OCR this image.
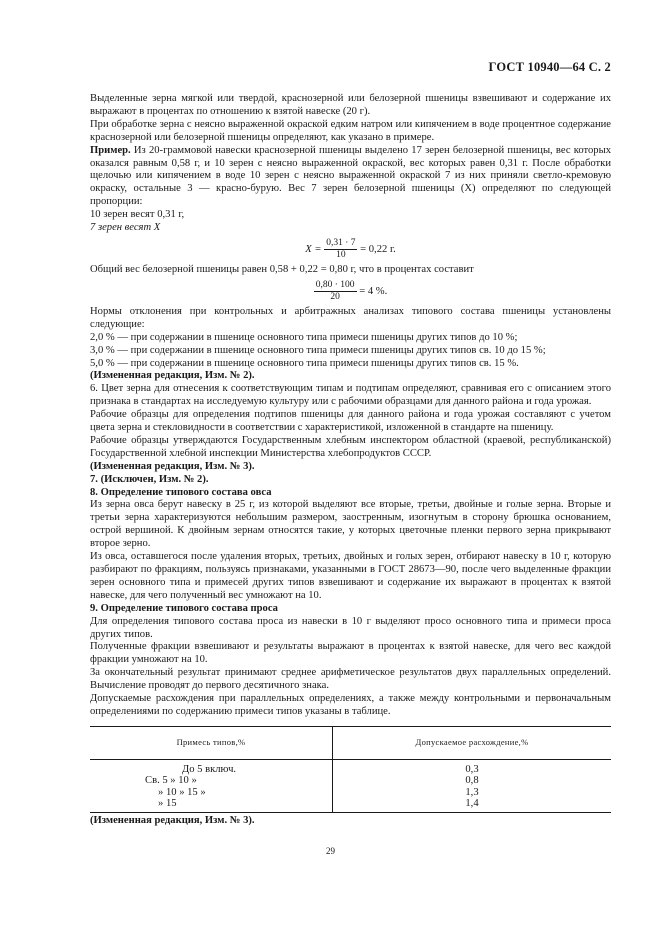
ГОСТ 10940—64 С. 2

Выделенные зерна мягкой или твердой, краснозерной или белозерной пшеницы взвешивают и содержание их выражают в процентах по отношению к взятой навеске (20 г).

При обработке зерна с неясно выраженной окраской едким натром или кипячением в воде процентное содержание краснозерной или белозерной пшеницы определяют, как указано в примере.

Пример. Из 20-граммовой навески краснозерной пшеницы выделено 17 зерен белозерной пшеницы, вес которых оказался равным 0,58 г, и 10 зерен с неясно выраженной окраской, вес которых равен 0,31 г. После обработки щелочью или кипячением в воде 10 зерен с неясно выраженной окраской 7 из них приняли светло-кремовую окраску, остальные 3 — красно-бурую. Вес 7 зерен белозерной пшеницы (X) определяют по следующей пропорции:

10 зерен весят 0,31 г,

7 зерен весят X

$X = \frac{0,31 \cdot 7}{10} = 0,22$ г.

Общий вес белозерной пшеницы равен 0,58 + 0,22 = 0,80 г, что в процентах составит

$\frac{0,80 \cdot 100}{20} = 4$ %.

Нормы отклонения при контрольных и арбитражных анализах типового состава пшеницы установлены следующие:

2,0 % — при содержании в пшенице основного типа примеси пшеницы других типов до 10 %;

3,0 % — при содержании в пшенице основного типа примеси пшеницы других типов св. 10 до 15 %;

5,0 % — при содержании в пшенице основного типа примеси пшеницы других типов св. 15 %.

(Измененная редакция, Изм. № 2).

6. Цвет зерна для отнесения к соответствующим типам и подтипам определяют, сравнивая его с описанием этого признака в стандартах на исследуемую культуру или с рабочими образцами для данного района и года урожая.

Рабочие образцы для определения подтипов пшеницы для данного района и года урожая составляют с учетом цвета зерна и стекловидности в соответствии с характеристикой, изложенной в стандарте на пшеницу.

Рабочие образцы утверждаются Государственным хлебным инспектором областной (краевой, республиканской) Государственной хлебной инспекции Министерства хлебопродуктов СССР.

(Измененная редакция, Изм. № 3).

7. (Исключен, Изм. № 2).

8. Определение типового состава овса

Из зерна овса берут навеску в 25 г, из которой выделяют все вторые, третьи, двойные и голые зерна. Вторые и третьи зерна характеризуются небольшим размером, заостренным, изогнутым в сторону брюшка основанием, острой вершиной. К двойным зернам относятся такие, у которых цветочные пленки первого зерна прикрывают второе зерно.

Из овса, оставшегося после удаления вторых, третьих, двойных и голых зерен, отбирают навеску в 10 г, которую разбирают по фракциям, пользуясь признаками, указанными в ГОСТ 28673—90, после чего выделенные фракции зерен основного типа и примесей других типов взвешивают и содержание их выражают в процентах к взятой навеске, для чего полученный вес умножают на 10.

9. Определение типового состава проса

Для определения типового состава проса из навески в 10 г выделяют просо основного типа и примеси проса других типов.

Полученные фракции взвешивают и результаты выражают в процентах к взятой навеске, для чего вес каждой фракции умножают на 10.

За окончательный результат принимают среднее арифметическое результатов двух параллельных определений. Вычисление проводят до первого десятичного знака.

Допускаемые расхождения при параллельных определениях, а также между контрольными и первоначальным определениями по содержанию примеси типов указаны в таблице.

Примесь типов,%	Допускаемое расхождение,%
До 5 включ.	0,3
Св. 5 » 10 »	0,8
» 10 » 15 »	1,3
» 15	1,4

(Измененная редакция, Изм. № 3).

29
